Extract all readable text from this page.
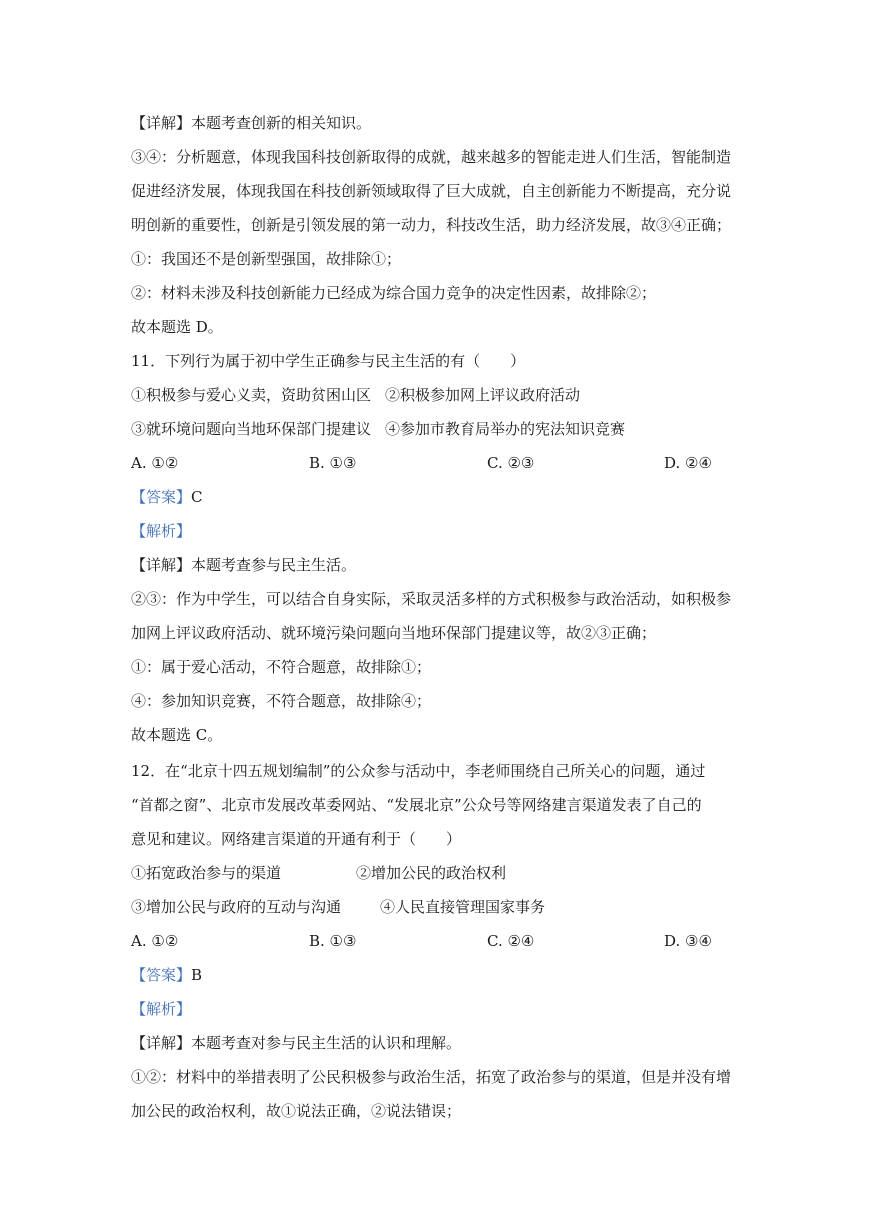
【详解】本题考查创新的相关知识。
③④：分析题意，体现我国科技创新取得的成就，越来越多的智能走进人们生活，智能制造
促进经济发展，体现我国在科技创新领域取得了巨大成就，自主创新能力不断提高，充分说
明创新的重要性，创新是引领发展的第一动力，科技改生活，助力经济发展，故③④正确；
①：我国还不是创新型强国，故排除①；
②：材料未涉及科技创新能力已经成为综合国力竞争的决定性因素，故排除②；
故本题选 D。
11．下列行为属于初中学生正确参与民主生活的有（　　）
①积极参与爱心义卖，资助贫困山区 ②积极参加网上评议政府活动
③就环境问题向当地环保部门提建议 ④参加市教育局举办的宪法知识竞赛
A. ①②	B. ①③	C. ②③	D. ②④
【答案】C
【解析】
【详解】本题考查参与民主生活。
②③：作为中学生，可以结合自身实际，采取灵活多样的方式积极参与政治活动，如积极参
加网上评议政府活动、就环境污染问题向当地环保部门提建议等，故②③正确；
①：属于爱心活动，不符合题意，故排除①；
④：参加知识竞赛，不符合题意，故排除④；
故本题选 C。
12．在“北京十四五规划编制”的公众参与活动中，李老师围绕自己所关心的问题，通过
“首都之窗”、北京市发展改革委网站、“发展北京”公众号等网络建言渠道发表了自己的
意见和建议。网络建言渠道的开通有利于（　　）
①拓宽政治参与的渠道	②增加公民的政治权利
③增加公民与政府的互动与沟通	④人民直接管理国家事务
A. ①②	B. ①③	C. ②④	D. ③④
【答案】B
【解析】
【详解】本题考查对参与民主生活的认识和理解。
①②：材料中的举措表明了公民积极参与政治生活，拓宽了政治参与的渠道，但是并没有增
加公民的政治权利，故①说法正确，②说法错误；
